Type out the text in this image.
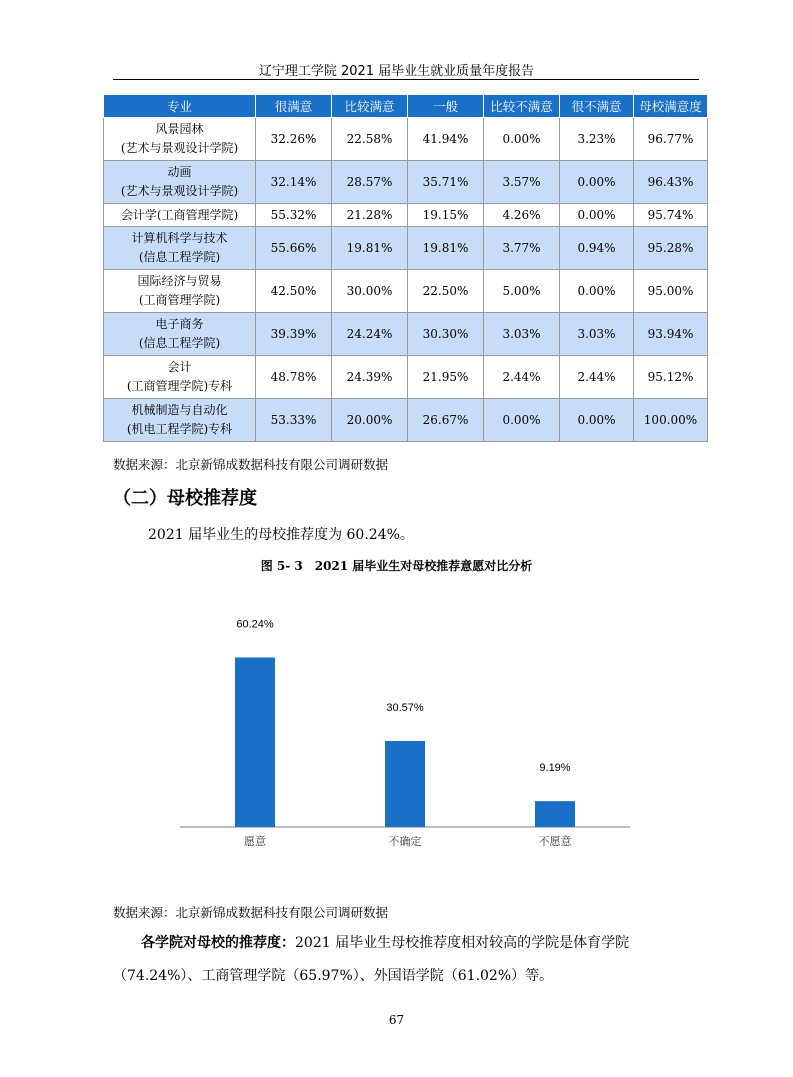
辽宁理工学院 2021 届毕业生就业质量年度报告
专业	很满意	比较满意	一般	比较不满意	很不满意	母校满意度

风景园林
(艺术与景观设计学院)	32.26%	22.58%	41.94%	0.00%	3.23%	96.77%

动画
(艺术与景观设计学院)	32.14%	28.57%	35.71%	3.57%	0.00%	96.43%

会计学(工商管理学院)	55.32%	21.28%	19.15%	4.26%	0.00%	95.74%

计算机科学与技术
(信息工程学院)	55.66%	19.81%	19.81%	3.77%	0.94%	95.28%

国际经济与贸易
(工商管理学院)	42.50%	30.00%	22.50%	5.00%	0.00%	95.00%

电子商务
(信息工程学院)	39.39%	24.24%	30.30%	3.03%	3.03%	93.94%

会计
(工商管理学院)专科	48.78%	24.39%	21.95%	2.44%	2.44%	95.12%

机械制造与自动化
(机电工程学院)专科	53.33%	20.00%	26.67%	0.00%	0.00%	100.00%
数据来源：北京新锦成数据科技有限公司调研数据
（二）母校推荐度
2021 届毕业生的母校推荐度为 60.24%。
图 5- 3　2021 届毕业生对母校推荐意愿对比分析
60.24%
愿意
30.57%
不确定
9.19%
不愿意
数据来源：北京新锦成数据科技有限公司调研数据
各学院对母校的推荐度：2021 届毕业生母校推荐度相对较高的学院是体育学院（74.24%）、工商管理学院（65.97%）、外国语学院（61.02%）等。
67
